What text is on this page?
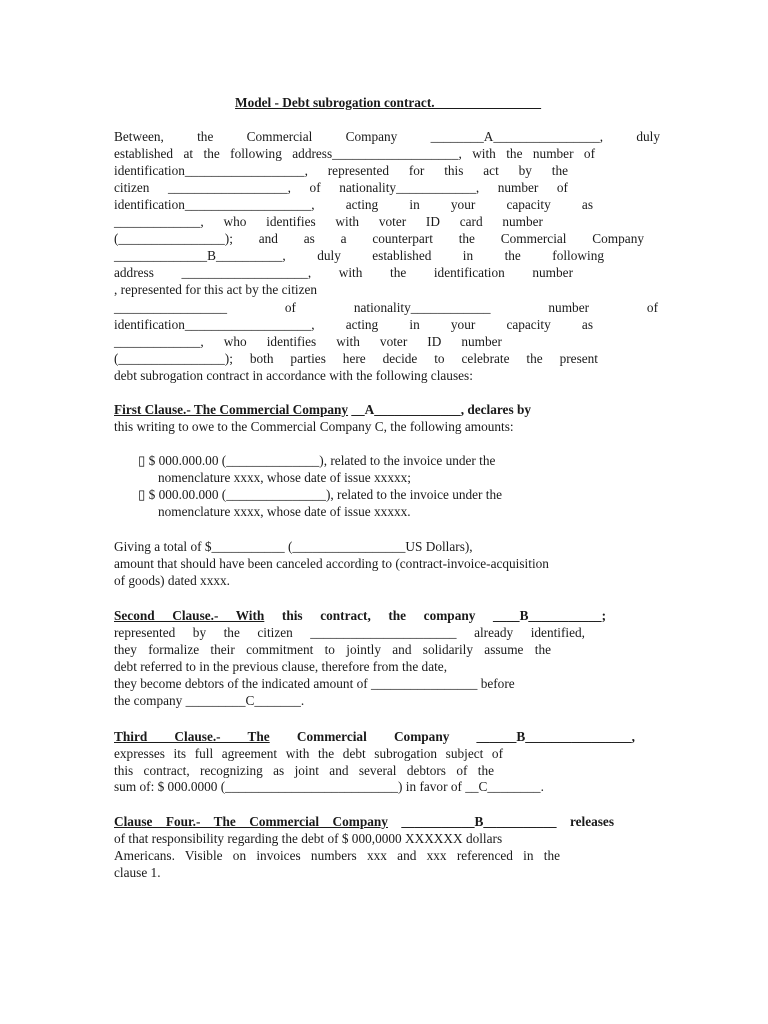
Model - Debt subrogation contract.________________
Between, the Commercial Company ________A________________, duly
established at the following address___________________, with the number of
identification__________________, represented for this act by the
citizen __________________, of nationality____________, number of
identification___________________, acting in your capacity as
_____________, who identifies with voter ID card number
(________________); and as a counterpart the Commercial Company
______________B__________, duly established in the following
address ___________________, with the identification number
, represented for this act by the citizen
_________________ of nationality____________ number of
identification___________________, acting in your capacity as
_____________, who identifies with voter ID number
(________________); both parties here decide to celebrate the present
debt subrogation contract in accordance with the following clauses:
First Clause.- The Commercial Company __A_____________, declares by
this writing to owe to the Commercial Company C, the following amounts:
▯ $ 000.000.00 (______________), related to the invoice under the
nomenclature xxxx, whose date of issue xxxxx;
▯ $ 000.00.000 (_______________), related to the invoice under the
nomenclature xxxx, whose date of issue xxxxx.
Giving a total of $___________ (_________________US Dollars),
amount that should have been canceled according to (contract-invoice-acquisition
of goods) dated xxxx.
Second Clause.- With this contract, the company ____B___________;
represented by the citizen ______________________ already identified,
they formalize their commitment to jointly and solidarily assume the
debt referred to in the previous clause, therefore from the date,
they become debtors of the indicated amount of ________________ before
the company _________C_______.
Third Clause.- The Commercial Company ______B________________,
expresses its full agreement with the debt subrogation subject of
this contract, recognizing as joint and several debtors of the
sum of: $ 000.0000 (__________________________) in favor of __C________.
Clause Four.- The Commercial Company ___________B___________ releases
of that responsibility regarding the debt of $ 000,0000 XXXXXX dollars
Americans. Visible on invoices numbers xxx and xxx referenced in the
clause 1.
